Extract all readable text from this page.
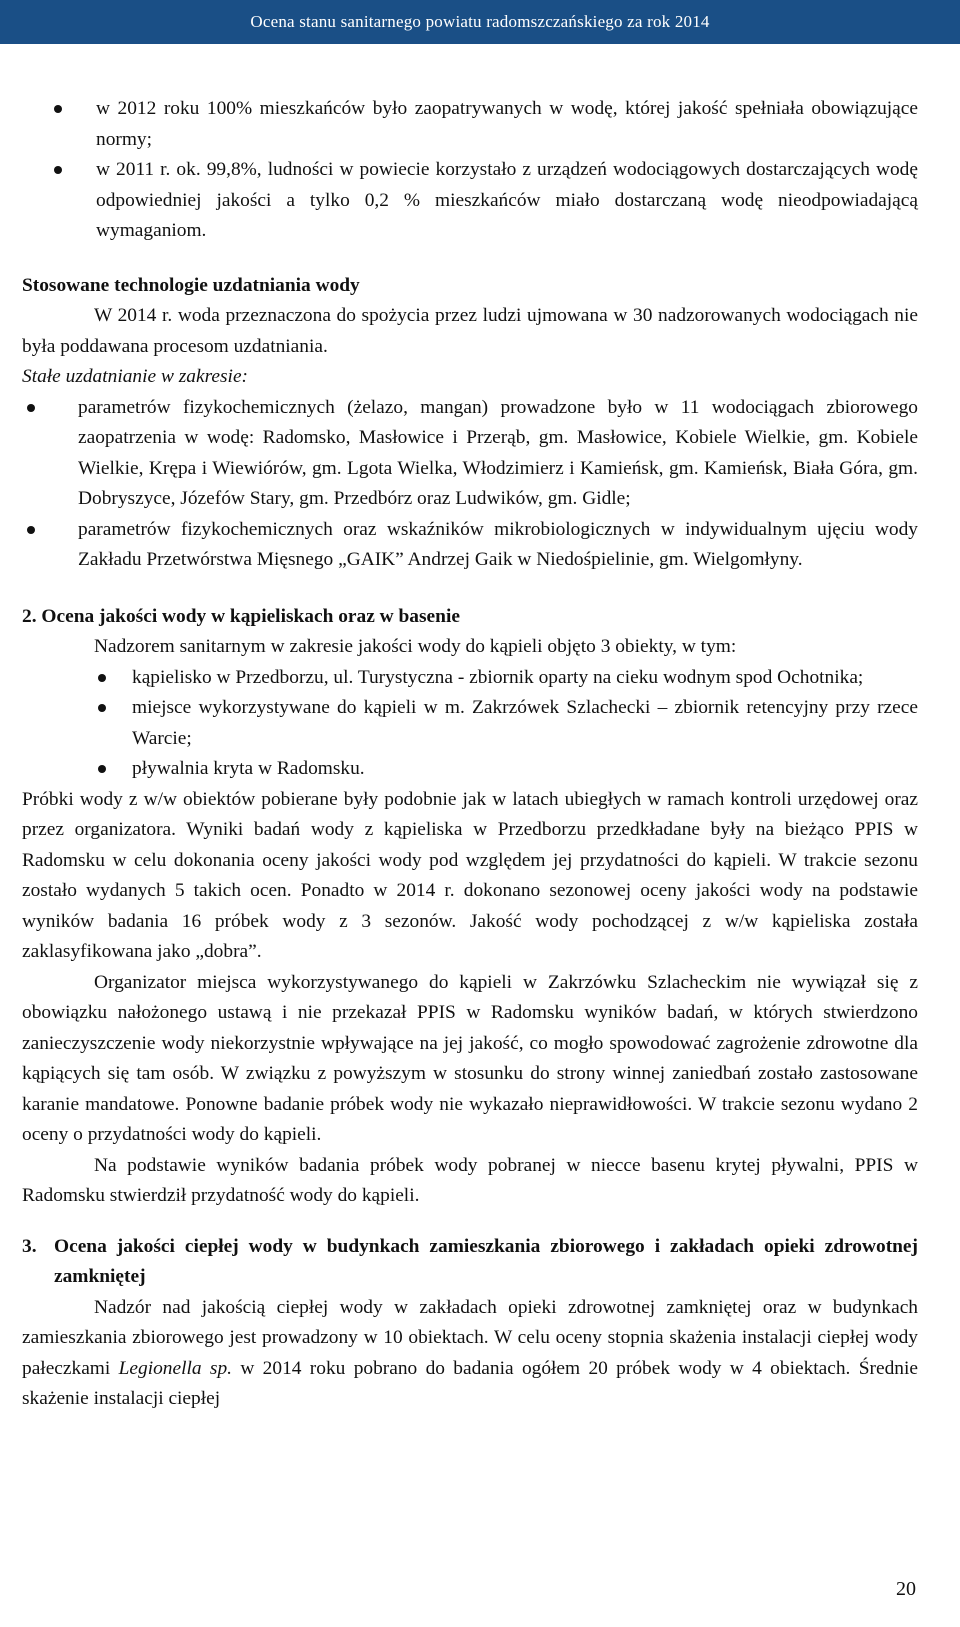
Ocena stanu sanitarnego powiatu radomszczańskiego za rok 2014
w 2012 roku 100% mieszkańców było zaopatrywanych w wodę, której jakość spełniała obowiązujące normy;
w 2011 r. ok. 99,8%, ludności w powiecie korzystało z urządzeń wodociągowych dostarczających wodę odpowiedniej jakości a tylko 0,2 % mieszkańców miało dostarczaną wodę nieodpowiadającą wymaganiom.

Stosowane technologie uzdatniania wody

W 2014 r. woda przeznaczona do spożycia przez ludzi ujmowana w 30 nadzorowanych wodociągach nie była poddawana procesom uzdatniania.

Stałe uzdatnianie w zakresie:

parametrów fizykochemicznych (żelazo, mangan) prowadzone było w 11 wodociągach zbiorowego zaopatrzenia w wodę: Radomsko, Masłowice i Przerąb, gm. Masłowice, Kobiele Wielkie, gm. Kobiele Wielkie, Krępa i Wiewiórów, gm. Lgota Wielka, Włodzimierz i Kamieńsk, gm. Kamieńsk, Biała Góra, gm. Dobryszyce, Józefów Stary, gm. Przedbórz oraz Ludwików, gm. Gidle;
parametrów fizykochemicznych oraz wskaźników mikrobiologicznych w indywidualnym ujęciu wody Zakładu Przetwórstwa Mięsnego „GAIK” Andrzej Gaik w Niedośpielinie, gm. Wielgomłyny.

2. Ocena jakości wody w kąpieliskach oraz w basenie

Nadzorem sanitarnym w zakresie jakości wody do kąpieli objęto 3 obiekty, w tym:

kąpielisko w Przedborzu, ul. Turystyczna - zbiornik oparty na cieku wodnym spod Ochotnika;
miejsce wykorzystywane do kąpieli w m. Zakrzówek Szlachecki – zbiornik retencyjny przy rzece Warcie;
pływalnia kryta w Radomsku.

Próbki wody z w/w obiektów pobierane były podobnie jak w latach ubiegłych w ramach kontroli urzędowej oraz przez organizatora. Wyniki badań wody z kąpieliska w Przedborzu przedkładane były na bieżąco PPIS w Radomsku w celu dokonania oceny jakości wody pod względem jej przydatności do kąpieli. W trakcie sezonu zostało wydanych 5 takich ocen. Ponadto w 2014 r. dokonano sezonowej oceny jakości wody na podstawie wyników badania 16 próbek wody z 3 sezonów. Jakość wody pochodzącej z w/w kąpieliska została zaklasyfikowana jako „dobra”.

Organizator miejsca wykorzystywanego do kąpieli w Zakrzówku Szlacheckim nie wywiązał się z obowiązku nałożonego ustawą i nie przekazał PPIS w Radomsku wyników badań, w których stwierdzono zanieczyszczenie wody niekorzystnie wpływające na jej jakość, co mogło spowodować zagrożenie zdrowotne dla kąpiących się tam osób. W związku z powyższym w stosunku do strony winnej zaniedbań zostało zastosowane karanie mandatowe. Ponowne badanie próbek wody nie wykazało nieprawidłowości. W trakcie sezonu wydano 2 oceny o przydatności wody do kąpieli.

Na podstawie wyników badania próbek wody pobranej w niecce basenu krytej pływalni, PPIS w Radomsku stwierdził przydatność wody do kąpieli.

3. Ocena jakości ciepłej wody w budynkach zamieszkania zbiorowego i zakładach opieki zdrowotnej zamkniętej

Nadzór nad jakością ciepłej wody w zakładach opieki zdrowotnej zamkniętej oraz w budynkach zamieszkania zbiorowego jest prowadzony w 10 obiektach. W celu oceny stopnia skażenia instalacji ciepłej wody pałeczkami Legionella sp. w 2014 roku pobrano do badania ogółem 20 próbek wody w 4 obiektach. Średnie skażenie instalacji ciepłej

20
